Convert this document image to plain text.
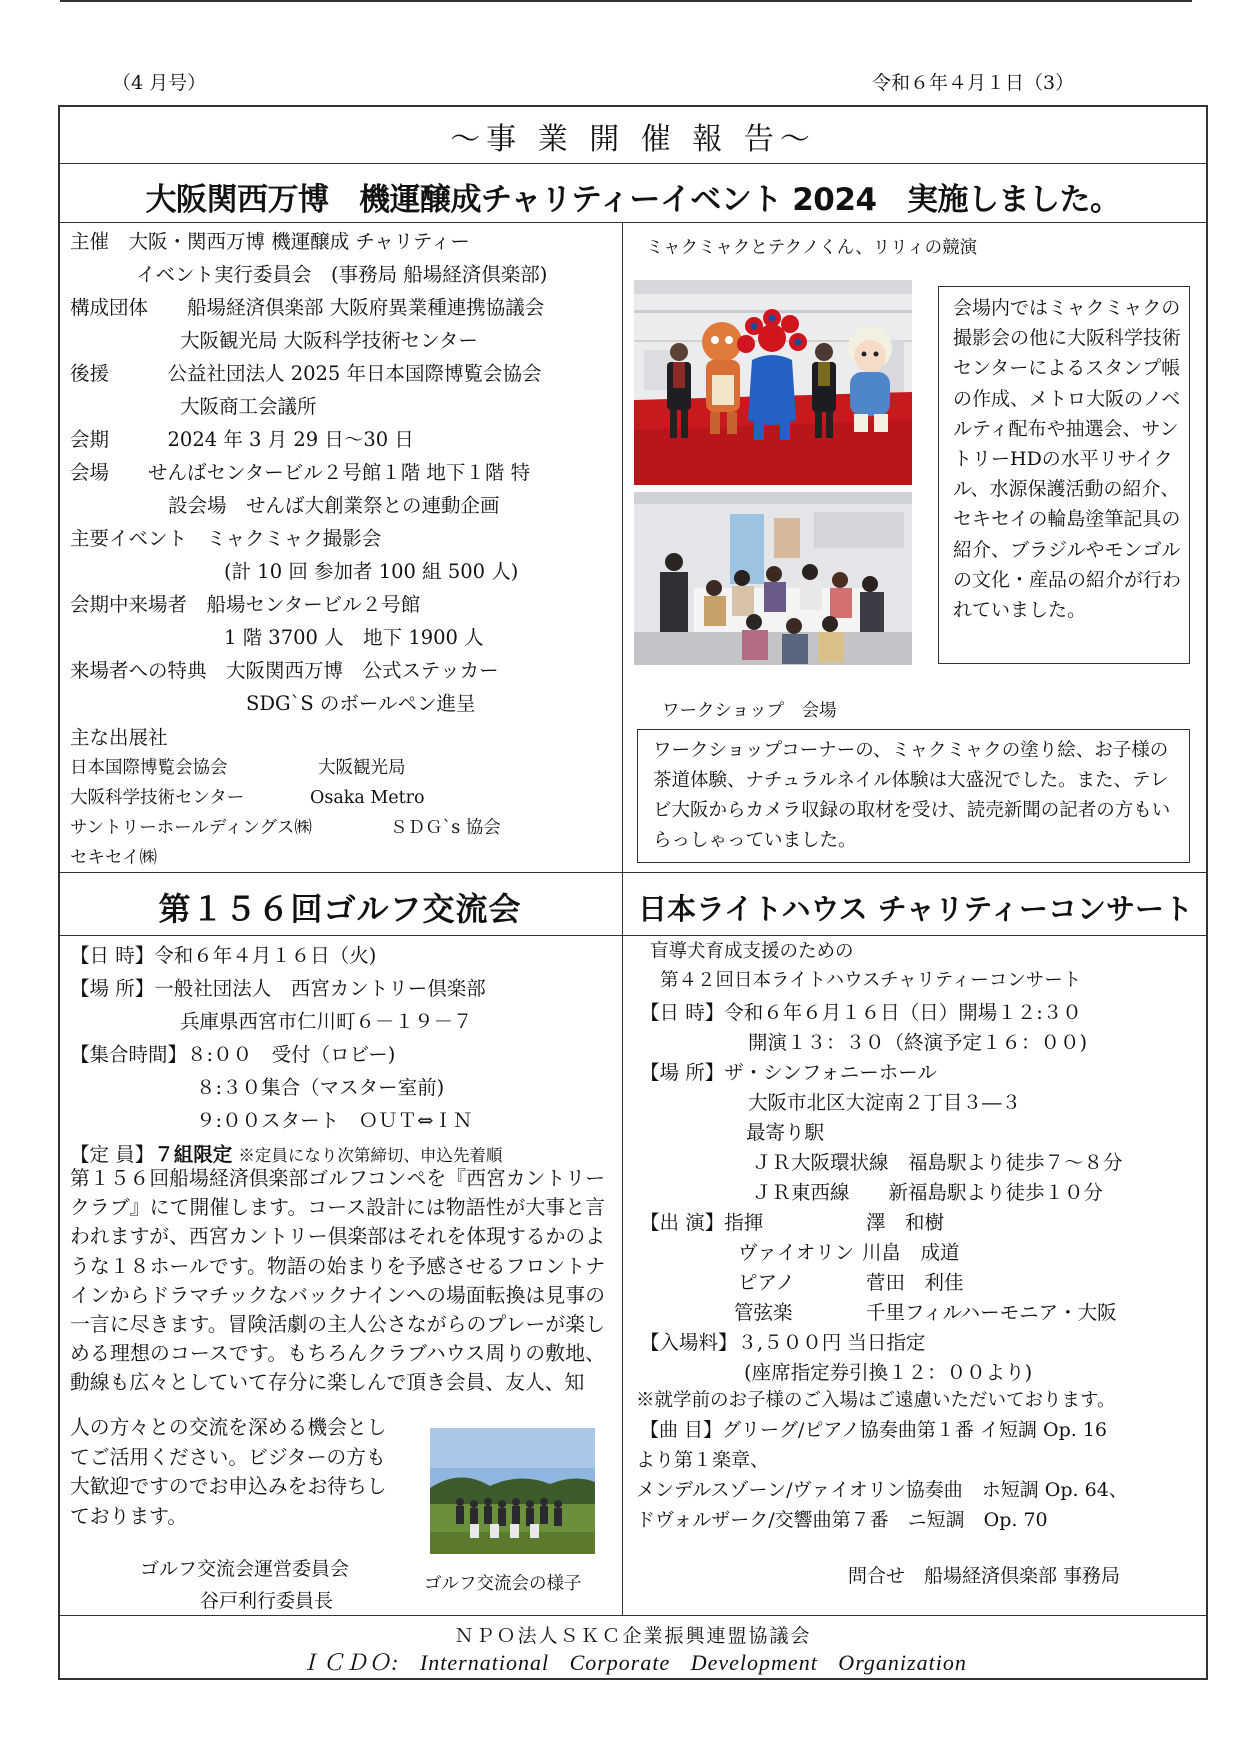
（4 月号）	令和６年４月１日（3）
～事 業 開 催 報 告～
大阪関西万博　機運醸成チャリティーイベント 2024　実施しました。
主催　大阪・関西万博 機運醸成 チャリティー
イベント実行委員会　(事務局 船場経済倶楽部)
構成団体　　船場経済倶楽部 大阪府異業種連携協議会
大阪観光局 大阪科学技術センター
後援　　　公益社団法人 2025 年日本国際博覧会協会
大阪商工会議所
会期　　　2024 年 3 月 29 日～30 日
会場　　せんばセンタービル２号館１階 地下１階 特
設会場　せんば大創業祭との連動企画
主要イベント　ミャクミャク撮影会
(計 10 回 参加者 100 組 500 人)
会期中来場者　船場センタービル２号館
1 階 3700 人　地下 1900 人
来場者への特典　大阪関西万博　公式ステッカー
SDG`S のボールペン進呈
主な出展社
日本国際博覧会協会	大阪観光局
大阪科学技術センター	Osaka Metro
サントリーホールディングス㈱	ＳＤＧ`s 協会
セキセイ㈱
ミャクミャクとテクノくん、リリィの競演
会場内ではミャクミャクの撮影会の他に大阪科学技術センターによるスタンプ帳の作成、メトロ大阪のノベルティ配布や抽選会、サントリーHDの水平リサイクル、水源保護活動の紹介、セキセイの輪島塗筆記具の紹介、ブラジルやモンゴルの文化・産品の紹介が行われていました。
ワークショップ　会場
ワークショップコーナーの、ミャクミャクの塗り絵、お子様の茶道体験、ナチュラルネイル体験は大盛況でした。また、テレビ大阪からカメラ収録の取材を受け、読売新聞の記者の方もいらっしゃっていました。
第１５６回ゴルフ交流会	日本ライトハウス チャリティーコンサート
【日 時】令和６年４月１６日（火)
【場 所】一般社団法人　西宮カントリー倶楽部
兵庫県西宮市仁川町６－１９－７
【集合時間】８:００　受付（ロビー)
８:３０集合（マスター室前)
９:００スタート　ＯＵＴ⇔ＩＮ
【定 員】７組限定 ※定員になり次第締切、申込先着順
第１５６回船場経済倶楽部ゴルフコンペを『西宮カントリークラブ』にて開催します。コース設計には物語性が大事と言われますが、西宮カントリー倶楽部はそれを体現するかのような１８ホールです。物語の始まりを予感させるフロントナインからドラマチックなバックナインへの場面転換は見事の一言に尽きます。冒険活劇の主人公さながらのプレーが楽しめる理想のコースです。もちろんクラブハウス周りの敷地、動線も広々としていて存分に楽しんで頂き会員、友人、知
人の方々との交流を深める機会としてご活用ください。ビジターの方も大歓迎ですのでお申込みをお待ちしております。
ゴルフ交流会運営委員会
谷戸利行委員長
ゴルフ交流会の様子
盲導犬育成支援のための
第４２回日本ライトハウスチャリティーコンサート
【日 時】令和６年６月１６日（日）開場１２:３０
開演１３：３０（終演予定１６：００)
【場 所】ザ・シンフォニーホール
大阪市北区大淀南２丁目３―３
最寄り駅
ＪＲ大阪環状線　福島駅より徒歩７～８分
ＪＲ東西線　　新福島駅より徒歩１０分
【出 演】指揮	澤　和樹
ヴァイオリン 川畠　成道
ピアノ	菅田　利佳
管弦楽	千里フィルハーモニア・大阪
【入場料】３,５００円 当日指定
(座席指定券引換１２：００より)
※就学前のお子様のご入場はご遠慮いただいております。
【曲 目】グリーグ/ピアノ協奏曲第１番 イ短調 Op. 16
より第１楽章、
メンデルスゾーン/ヴァイオリン協奏曲　ホ短調 Op. 64、
ドヴォルザーク/交響曲第７番　ニ短調　Op. 70
問合せ　船場経済倶楽部 事務局
ＮＰＯ法人ＳＫＣ企業振興連盟協議会
ＩＣＤＯ: International Corporate Development Organization
